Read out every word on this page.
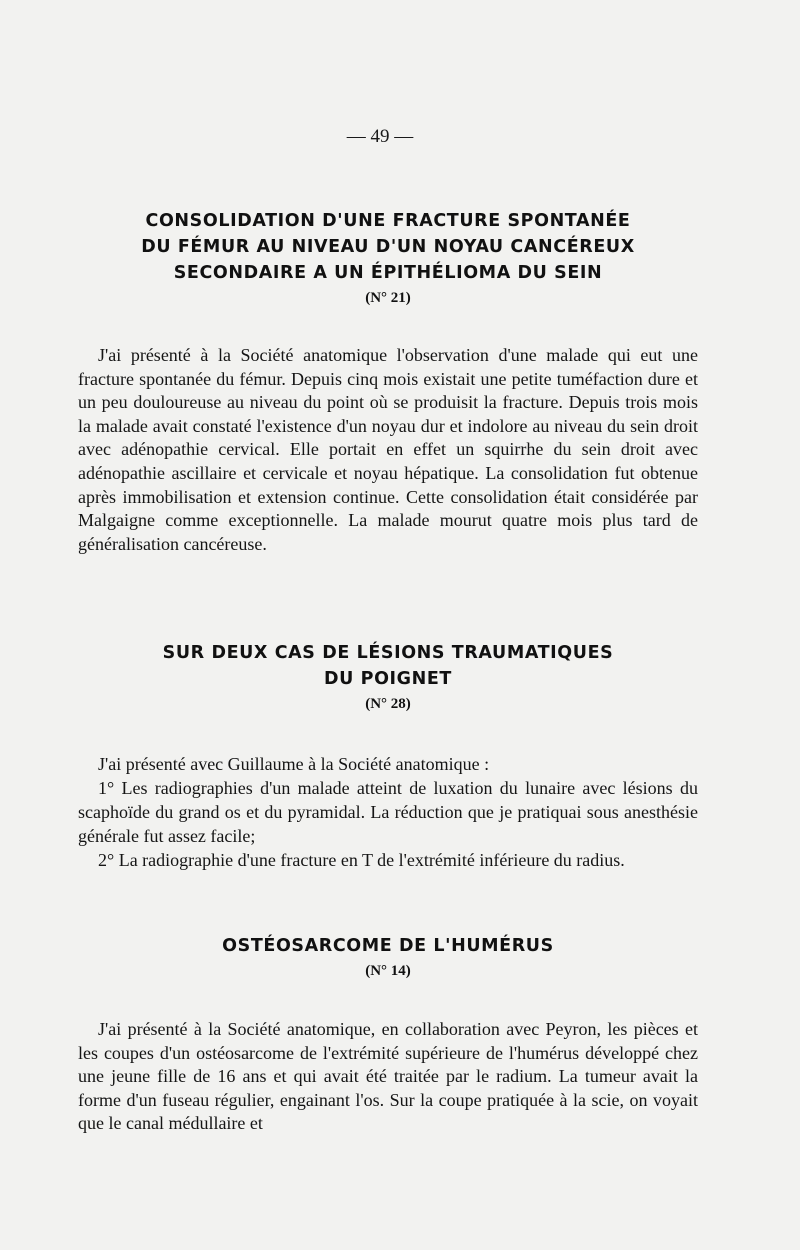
— 49 —

CONSOLIDATION D'UNE FRACTURE SPONTANÉE
DU FÉMUR AU NIVEAU D'UN NOYAU CANCÉREUX
SECONDAIRE A UN ÉPITHÉLIOMA DU SEIN

(N° 21)

J'ai présenté à la Société anatomique l'observation d'une malade qui eut une fracture spontanée du fémur. Depuis cinq mois existait une petite tuméfaction dure et un peu douloureuse au niveau du point où se produisit la fracture. Depuis trois mois la malade avait constaté l'existence d'un noyau dur et indolore au niveau du sein droit avec adénopathie cervical. Elle portait en effet un squirrhe du sein droit avec adénopathie ascillaire et cervicale et noyau hépatique. La consolidation fut obtenue après immobilisation et extension continue. Cette consolidation était considérée par Malgaigne comme exceptionnelle. La malade mourut quatre mois plus tard de généralisation cancéreuse.

SUR DEUX CAS DE LÉSIONS TRAUMATIQUES
DU POIGNET

(N° 28)

J'ai présenté avec Guillaume à la Société anatomique :

1° Les radiographies d'un malade atteint de luxation du lunaire avec lésions du scaphoïde du grand os et du pyramidal. La réduction que je pratiquai sous anesthésie générale fut assez facile;

2° La radiographie d'une fracture en T de l'extrémité inférieure du radius.

OSTÉOSARCOME DE L'HUMÉRUS

(N° 14)

J'ai présenté à la Société anatomique, en collaboration avec Peyron, les pièces et les coupes d'un ostéosarcome de l'extrémité supérieure de l'humérus développé chez une jeune fille de 16 ans et qui avait été traitée par le radium. La tumeur avait la forme d'un fuseau régulier, engainant l'os. Sur la coupe pratiquée à la scie, on voyait que le canal médullaire et
